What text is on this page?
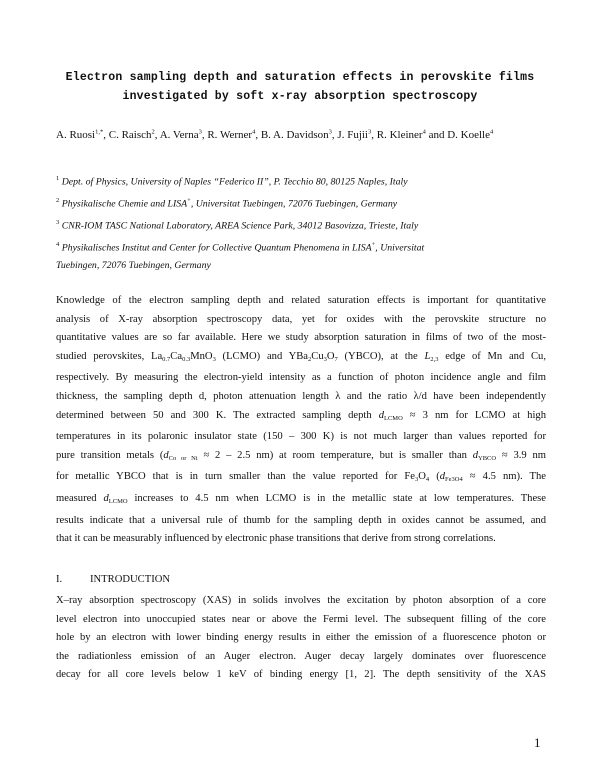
Electron sampling depth and saturation effects in perovskite films
investigated by soft x-ray absorption spectroscopy
A. Ruosi$^{1,*}$, C. Raisch$^2$, A. Verna$^3$, R. Werner$^4$, B. A. Davidson$^3$, J. Fujii$^3$, R. Kleiner$^4$ and D. Koelle$^4$
$^1$ Dept. of Physics, University of Naples “Federico II”, P. Tecchio 80, 80125 Naples, Italy
$^2$ Physikalische Chemie and LISA+, Universitat Tuebingen, 72076 Tuebingen, Germany
$^3$ CNR-IOM TASC National Laboratory, AREA Science Park, 34012 Basovizza, Trieste, Italy
$^4$ Physikalisches Institut and Center for Collective Quantum Phenomena in LISA+, Universitat
Tuebingen, 72076 Tuebingen, Germany
Knowledge of the electron sampling depth and related saturation effects is important for quantitative
analysis of X-ray absorption spectroscopy data, yet for oxides with the perovskite structure no
quantitative values are so far available. Here we study absorption saturation in films of two of the most-
studied perovskites, $La_{0.7}Ca_{0.3}MnO_3$ (LCMO) and $YBa_2Cu_3O_7$ (YBCO), at the $L_{2,3}$ edge of Mn and Cu,
respectively. By measuring the electron-yield intensity as a function of photon incidence angle and film
thickness, the sampling depth d, photon attenuation length λ and the ratio λ/d have been independently
determined between 50 and 300 K. The extracted sampling depth $d_{LCMO} \approx 3$ nm for LCMO at high
temperatures in its polaronic insulator state (150 – 300 K) is not much larger than values reported for
pure transition metals ($d_{Co or Ni} \approx 2 - 2.5$ nm) at room temperature, but is smaller than $d_{YBCO} \approx 3.9$ nm
for metallic YBCO that is in turn smaller than the value reported for $Fe_3O_4$ ($d_{Fe3O4} \approx 4.5$ nm). The
measured $d_{LCMO}$ increases to 4.5 nm when LCMO is in the metallic state at low temperatures. These
results indicate that a universal rule of thumb for the sampling depth in oxides cannot be assumed, and
that it can be measurably influenced by electronic phase transitions that derive from strong correlations.
I.	INTRODUCTION
X–ray absorption spectroscopy (XAS) in solids involves the excitation by photon absorption of a core
level electron into unoccupied states near or above the Fermi level. The subsequent filling of the core
hole by an electron with lower binding energy results in either the emission of a fluorescence photon or
the radiationless emission of an Auger electron. Auger decay largely dominates over fluorescence
decay for all core levels below 1 keV of binding energy [1, 2]. The depth sensitivity of the XAS
1
